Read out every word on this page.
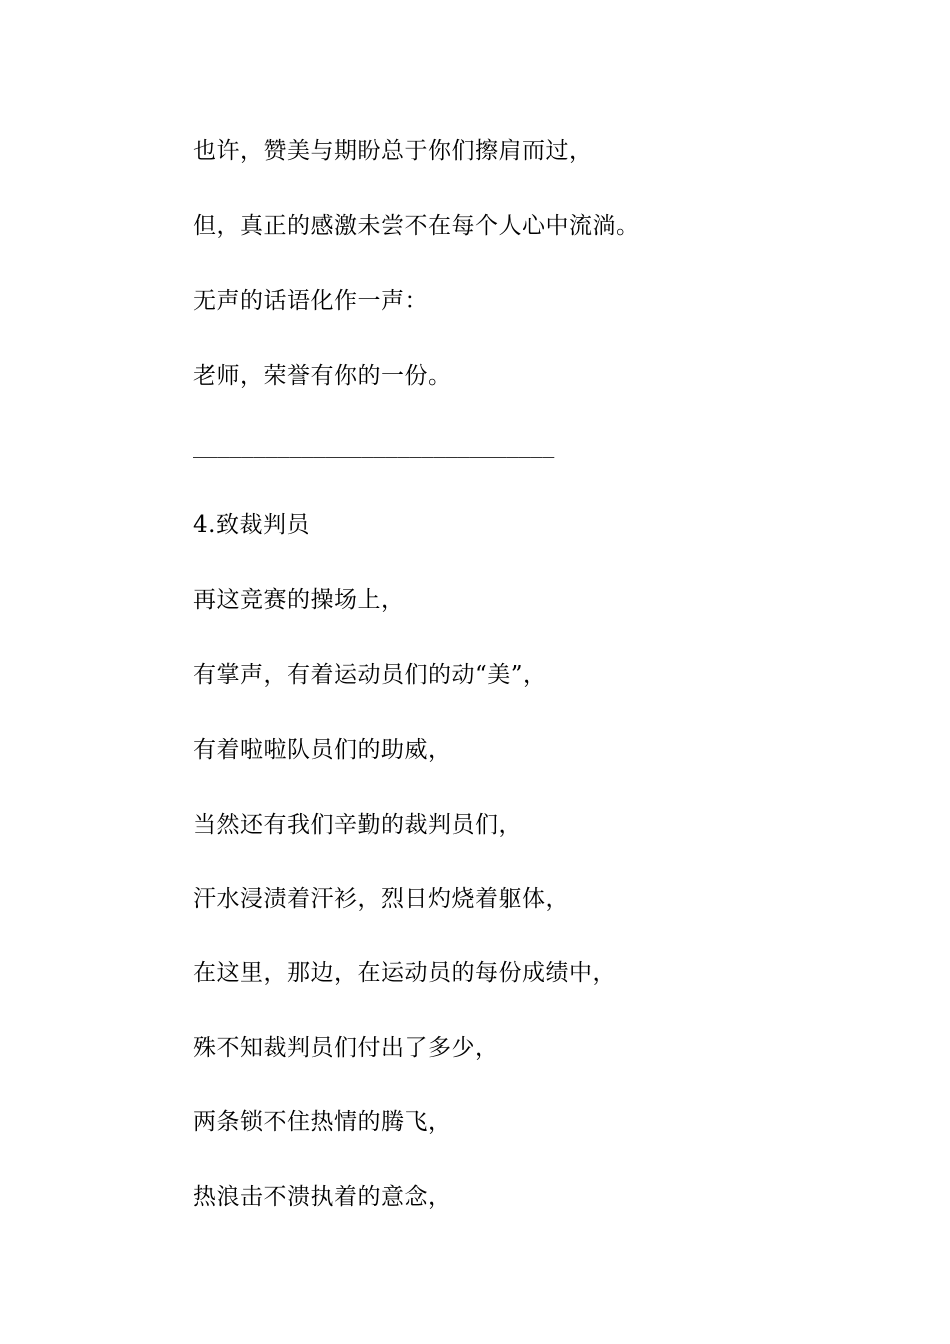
也许，赞美与期盼总于你们擦肩而过，
但，真正的感激未尝不在每个人心中流淌。
无声的话语化作一声：
老师，荣誉有你的一份。
______________________________
4.致裁判员
再这竞赛的操场上，
有掌声，有着运动员们的动“美”，
有着啦啦队员们的助威，
当然还有我们辛勤的裁判员们，
汗水浸渍着汗衫，烈日灼烧着躯体，
在这里，那边，在运动员的每份成绩中，
殊不知裁判员们付出了多少，
两条锁不住热情的腾飞，
热浪击不溃执着的意念，
